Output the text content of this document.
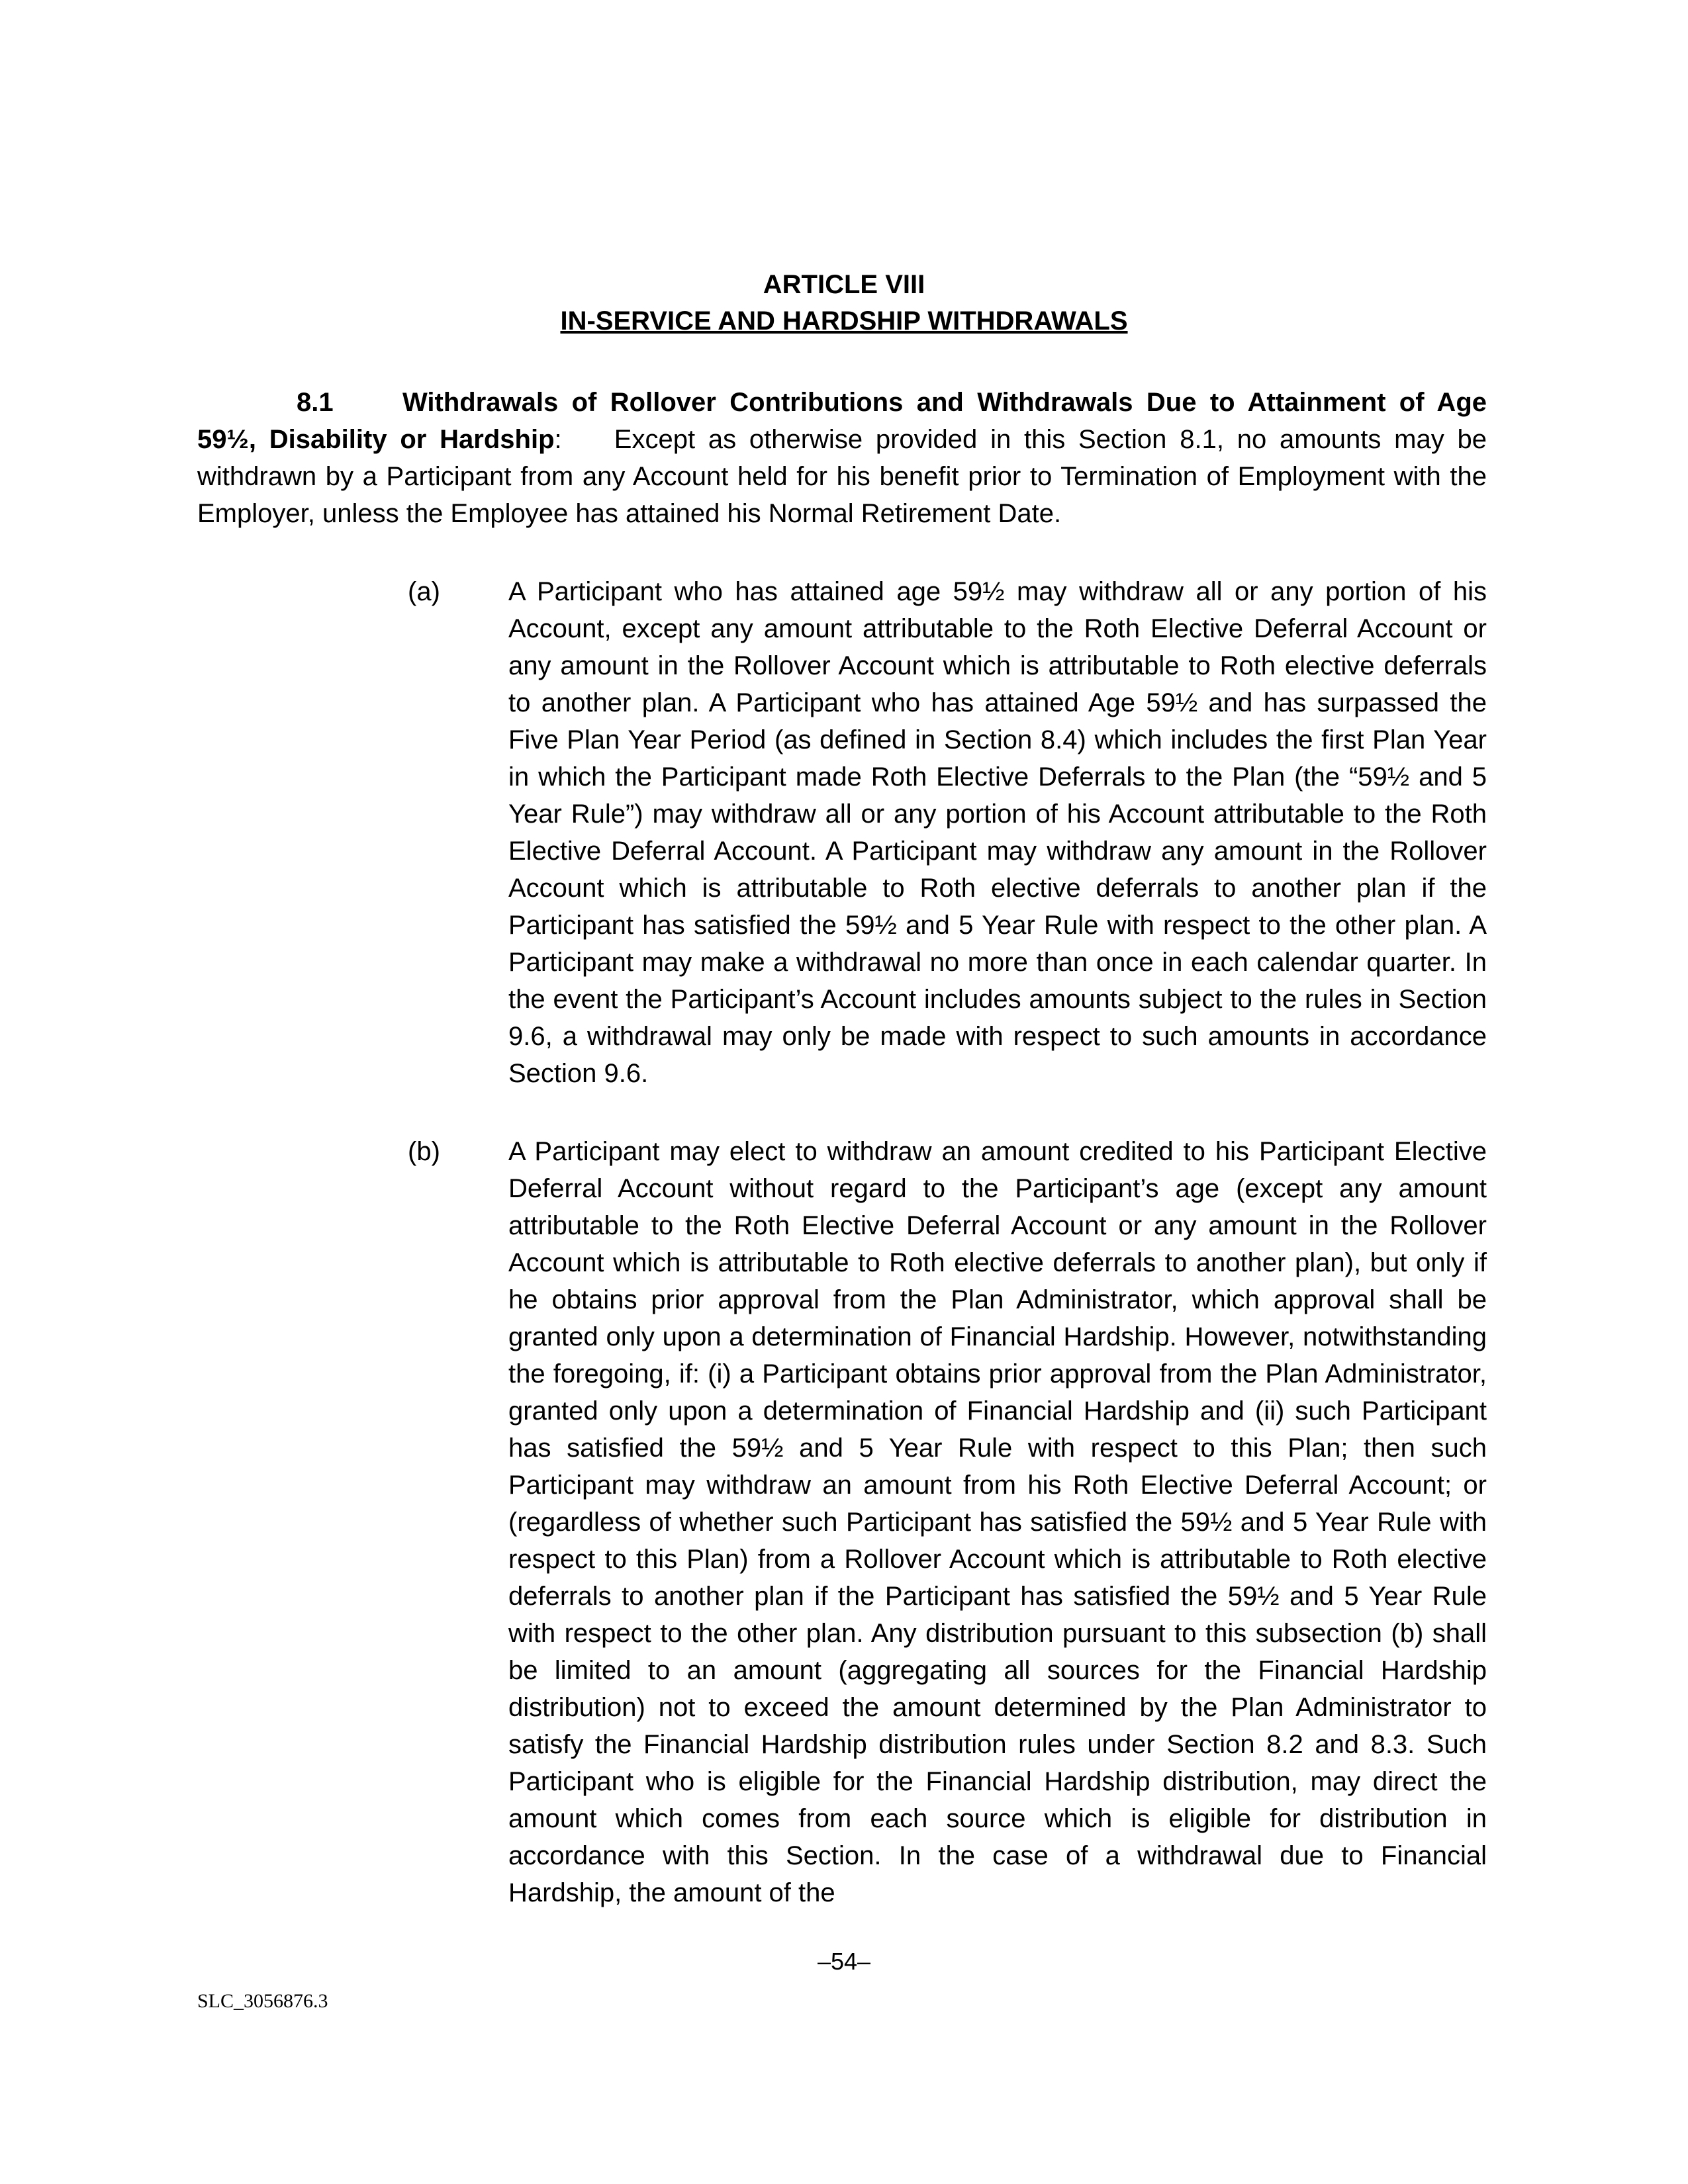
ARTICLE VIII
IN-SERVICE AND HARDSHIP WITHDRAWALS
8.1	Withdrawals of Rollover Contributions and Withdrawals Due to Attainment of Age 59½, Disability or Hardship: Except as otherwise provided in this Section 8.1, no amounts may be withdrawn by a Participant from any Account held for his benefit prior to Termination of Employment with the Employer, unless the Employee has attained his Normal Retirement Date.
(a)	A Participant who has attained age 59½ may withdraw all or any portion of his Account, except any amount attributable to the Roth Elective Deferral Account or any amount in the Rollover Account which is attributable to Roth elective deferrals to another plan. A Participant who has attained Age 59½ and has surpassed the Five Plan Year Period (as defined in Section 8.4) which includes the first Plan Year in which the Participant made Roth Elective Deferrals to the Plan (the “59½ and 5 Year Rule”) may withdraw all or any portion of his Account attributable to the Roth Elective Deferral Account. A Participant may withdraw any amount in the Rollover Account which is attributable to Roth elective deferrals to another plan if the Participant has satisfied the 59½ and 5 Year Rule with respect to the other plan. A Participant may make a withdrawal no more than once in each calendar quarter. In the event the Participant’s Account includes amounts subject to the rules in Section 9.6, a withdrawal may only be made with respect to such amounts in accordance Section 9.6.
(b)	A Participant may elect to withdraw an amount credited to his Participant Elective Deferral Account without regard to the Participant’s age (except any amount attributable to the Roth Elective Deferral Account or any amount in the Rollover Account which is attributable to Roth elective deferrals to another plan), but only if he obtains prior approval from the Plan Administrator, which approval shall be granted only upon a determination of Financial Hardship. However, notwithstanding the foregoing, if: (i) a Participant obtains prior approval from the Plan Administrator, granted only upon a determination of Financial Hardship and (ii) such Participant has satisfied the 59½ and 5 Year Rule with respect to this Plan; then such Participant may withdraw an amount from his Roth Elective Deferral Account; or (regardless of whether such Participant has satisfied the 59½ and 5 Year Rule with respect to this Plan) from a Rollover Account which is attributable to Roth elective deferrals to another plan if the Participant has satisfied the 59½ and 5 Year Rule with respect to the other plan. Any distribution pursuant to this subsection (b) shall be limited to an amount (aggregating all sources for the Financial Hardship distribution) not to exceed the amount determined by the Plan Administrator to satisfy the Financial Hardship distribution rules under Section 8.2 and 8.3. Such Participant who is eligible for the Financial Hardship distribution, may direct the amount which comes from each source which is eligible for distribution in accordance with this Section. In the case of a withdrawal due to Financial Hardship, the amount of the
–54–
SLC_3056876.3
